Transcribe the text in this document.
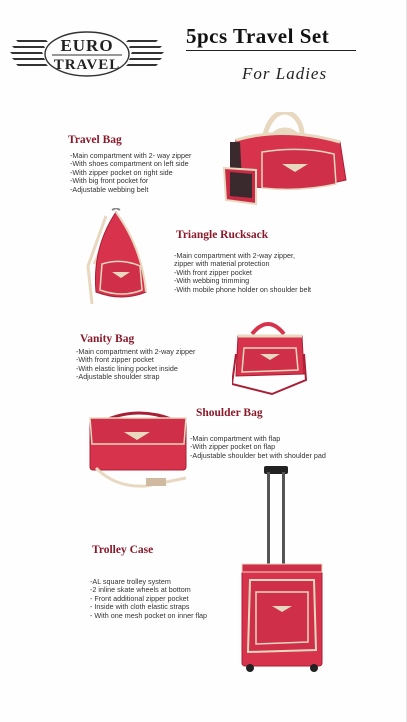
EURO
TRAVEL
5pcs Travel Set
For Ladies
Travel Bag
-Main compartment with 2- way zipper
-With shoes compartment on left side
-With zipper pocket on right side
-With big front pocket for
-Adjustable webbing belt
Triangle Rucksack
-Main compartment with 2-way zipper,
zipper with material protection
-With front zipper pocket
-With webbing trimming
-With mobile phone holder on shoulder belt
Vanity Bag
-Main compartment with 2-way zipper
-With front zipper pocket
-With elastic lining pocket inside
-Adjustable shoulder strap
Shoulder Bag
-Main compartment with flap
-With zipper pocket on flap
-Adjustable shoulder bet with shoulder pad
Trolley Case
-AL square trolley system
-2 inline skate wheels at bottom
- Front additional zipper pocket
- Inside with cloth elastic straps
- With one mesh pocket on inner flap
